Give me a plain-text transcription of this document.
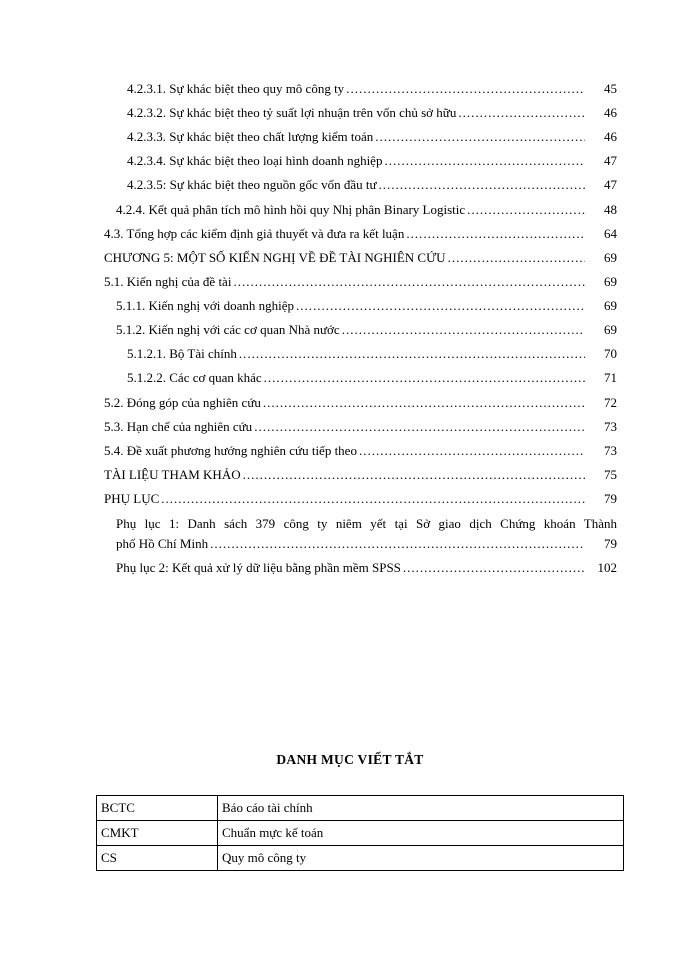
4.2.3.1. Sự khác biệt theo quy mô công ty .....	45
4.2.3.2. Sự khác biệt theo tỷ suất lợi nhuận trên vốn chủ sở hữu .....	46
4.2.3.3. Sự khác biệt theo chất lượng kiểm toán .....	46
4.2.3.4. Sự khác biệt theo loại hình doanh nghiệp .....	47
4.2.3.5: Sự khác biệt theo nguồn gốc vốn đầu tư .....	47
4.2.4. Kết quả phân tích mô hình hồi quy Nhị phân Binary Logistic .....	48
4.3. Tổng hợp các kiểm định giả thuyết và đưa ra kết luận .....	64
CHƯƠNG 5: MỘT SỐ KIẾN NGHỊ VỀ ĐỀ TÀI NGHIÊN CỨU .....	69
5.1. Kiến nghị của đề tài .....	69
5.1.1. Kiến nghị với doanh nghiệp .....	69
5.1.2. Kiến nghị với các cơ quan Nhà nước .....	69
5.1.2.1. Bộ Tài chính .....	70
5.1.2.2. Các cơ quan khác .....	71
5.2. Đóng góp của nghiên cứu .....	72
5.3. Hạn chế của nghiên cứu .....	73
5.4. Đề xuất phương hướng nghiên cứu tiếp theo .....	73
TÀI LIỆU THAM KHẢO .....	75
PHỤ LỤC .....	79
Phụ lục 1: Danh sách 379 công ty niêm yết tại Sở giao dịch Chứng khoán Thành
phố Hồ Chí Minh .....	79
Phụ lục 2: Kết quả xử lý dữ liệu bằng phần mềm SPSS .....	102
DANH MỤC VIẾT TẮT
BCTC	Báo cáo tài chính
CMKT	Chuẩn mực kế toán
CS	Quy mô công ty
